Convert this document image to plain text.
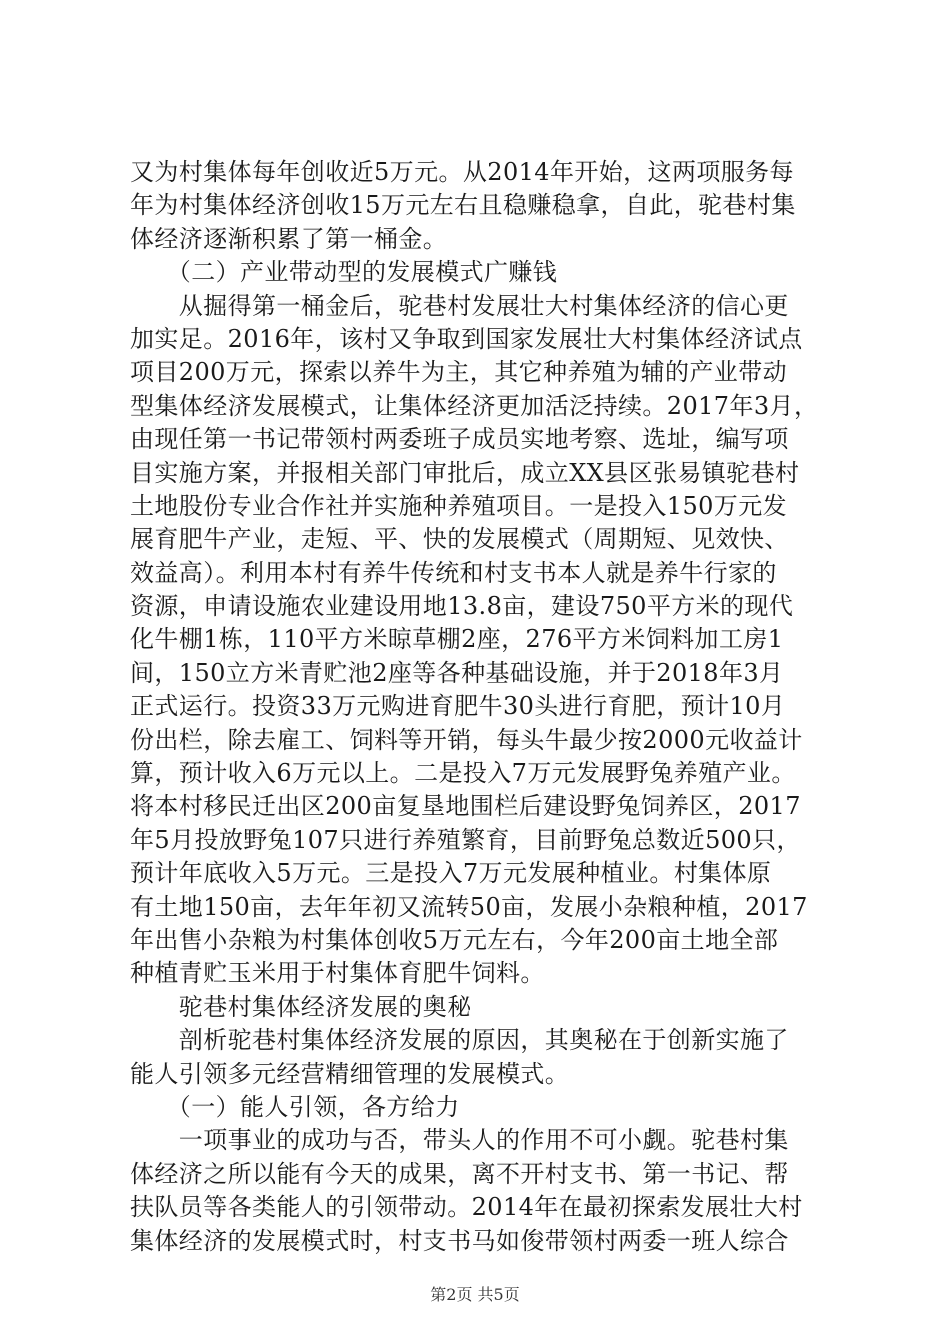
又为村集体每年创收近5万元。从2014年开始，这两项服务每
年为村集体经济创收15万元左右且稳赚稳拿，自此，驼巷村集
体经济逐渐积累了第一桶金。
　　（二）产业带动型的发展模式广赚钱
　　从掘得第一桶金后，驼巷村发展壮大村集体经济的信心更
加实足。2016年，该村又争取到国家发展壮大村集体经济试点
项目200万元，探索以养牛为主，其它种养殖为辅的产业带动
型集体经济发展模式，让集体经济更加活泛持续。2017年3月，
由现任第一书记带领村两委班子成员实地考察、选址，编写项
目实施方案，并报相关部门审批后，成立XX县区张易镇驼巷村
土地股份专业合作社并实施种养殖项目。一是投入150万元发
展育肥牛产业，走短、平、快的发展模式（周期短、见效快、
效益高）。利用本村有养牛传统和村支书本人就是养牛行家的
资源，申请设施农业建设用地13.8亩，建设750平方米的现代
化牛棚1栋，110平方米晾草棚2座，276平方米饲料加工房1
间，150立方米青贮池2座等各种基础设施，并于2018年3月
正式运行。投资33万元购进育肥牛30头进行育肥，预计10月
份出栏，除去雇工、饲料等开销，每头牛最少按2000元收益计
算，预计收入6万元以上。二是投入7万元发展野兔养殖产业。
将本村移民迁出区200亩复垦地围栏后建设野兔饲养区，2017
年5月投放野兔107只进行养殖繁育，目前野兔总数近500只，
预计年底收入5万元。三是投入7万元发展种植业。村集体原
有土地150亩，去年年初又流转50亩，发展小杂粮种植，2017
年出售小杂粮为村集体创收5万元左右，今年200亩土地全部
种植青贮玉米用于村集体育肥牛饲料。
　　驼巷村集体经济发展的奥秘
　　剖析驼巷村集体经济发展的原因，其奥秘在于创新实施了
能人引领多元经营精细管理的发展模式。
　　（一）能人引领，各方给力
　　一项事业的成功与否，带头人的作用不可小觑。驼巷村集
体经济之所以能有今天的成果，离不开村支书、第一书记、帮
扶队员等各类能人的引领带动。2014年在最初探索发展壮大村
集体经济的发展模式时，村支书马如俊带领村两委一班人综合
第2页 共5页
